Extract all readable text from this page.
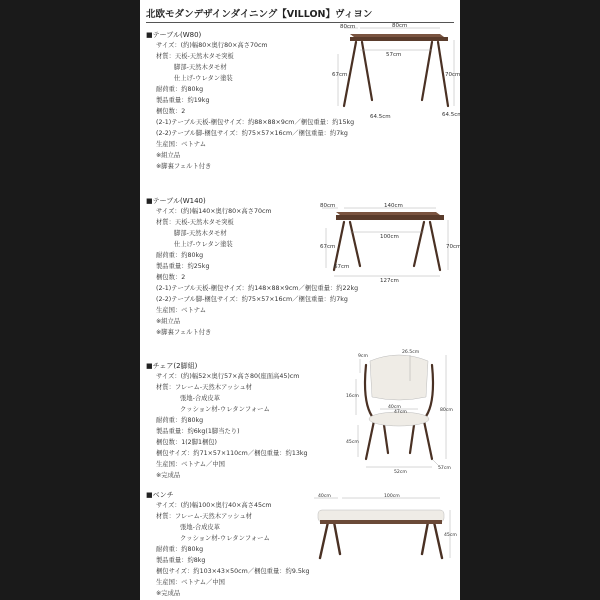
北欧モダンデザインダイニング【VILLON】ヴィヨン
■テーブル(W80)
サイズ：(約)幅80×奥行80×高さ70cm
材質：天板-天然木タモ突板
脚部-天然木タモ材
仕上げ-ウレタン塗装
耐荷重：約80kg
製品重量：約19kg
梱包数：2
(2-1)テーブル天板-梱包サイズ：約88×88×9cm／梱包重量：約15kg
(2-2)テーブル脚-梱包サイズ：約75×57×16cm／梱包重量：約7kg
生産国：ベトナム
※組立品
※脚裏フェルト付き
80cm	80cm
57cm
67cm	70cm
64.5cm	64.5cm
■テーブル(W140)
サイズ：(約)幅140×奥行80×高さ70cm
材質：天板-天然木タモ突板
脚部-天然木タモ材
仕上げ-ウレタン塗装
耐荷重：約80kg
製品重量：約25kg
梱包数：2
(2-1)テーブル天板-梱包サイズ：約148×88×9cm／梱包重量：約22kg
(2-2)テーブル脚-梱包サイズ：約75×57×16cm／梱包重量：約7kg
生産国：ベトナム
※組立品
※脚裏フェルト付き
80cm	140cm
100cm
67cm	70cm
67cm
127cm
■チェア(2脚組)
サイズ：(約)幅52×奥行57×高さ80(座面高45)cm
材質：フレーム-天然木アッシュ材
張地-合成皮革
クッション材-ウレタンフォーム
耐荷重：約80kg
製品重量：約6kg(1脚当たり)
梱包数：1(2脚1梱包)
梱包サイズ：約71×57×110cm／梱包重量：約13kg
生産国：ベトナム／中国
※完成品
9cm
26.5cm
16cm
80cm
40cm
47cm
45cm
52cm
57cm
■ベンチ
サイズ：(約)幅100×奥行40×高さ45cm
材質：フレーム-天然木アッシュ材
張地-合成皮革
クッション材-ウレタンフォーム
耐荷重：約80kg
製品重量：約8kg
梱包サイズ：約103×43×50cm／梱包重量：約9.5kg
生産国：ベトナム／中国
※完成品
40cm	100cm
45cm
